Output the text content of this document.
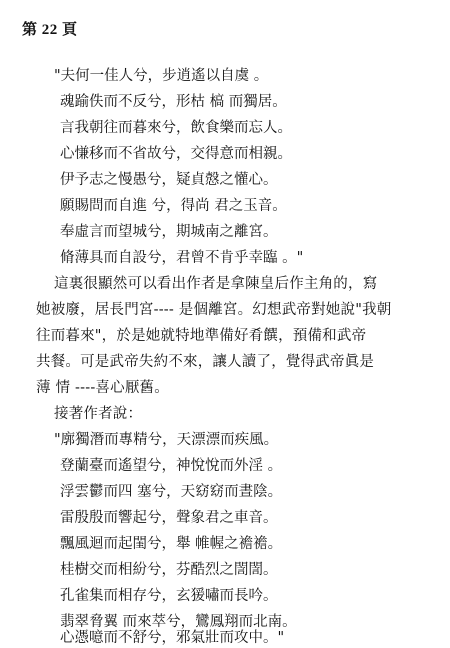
第 22 頁
"夫何一佳人兮，步逍遙以自虞 。
魂踰佚而不反兮，形枯 槁 而獨居。
言我朝往而暮來兮，飲食樂而忘人。
心慊移而不省故兮，交得意而相親。
伊予志之慢愚兮，疑貞慤之懽心。
願賜問而自進 兮，得尚 君之玉音。
奉虛言而望城兮，期城南之離宮。
脩薄具而自設兮，君曾不肯乎幸臨 。"
這裏很顯然可以看出作者是拿陳皇后作主角的，寫
她被廢，居長門宮---- 是個離宮。幻想武帝對她說"我朝
往而暮來"，於是她就特地準備好肴饌，預備和武帝
共餐。可是武帝失約不來，讓人讀了，覺得武帝眞是
薄 情 ----喜心厭舊。
接著作者說：
"廓獨潛而專精兮，天漂漂而疾風。
登蘭臺而遙望兮，神悅悅而外淫 。
浮雲鬱而四 塞兮，天窈窈而晝陰。
雷殷殷而響起兮，聲象君之車音。
飄風迴而起閨兮，舉 帷幄之襜襜。
桂樹交而相紛兮，芬酷烈之誾誾。
孔雀集而相存兮，玄猨嘯而長吟。
翡翠脅翼 而來萃兮，鸞鳳翔而北南。
心憑噫而不舒兮，邪氣壯而攻中。"
